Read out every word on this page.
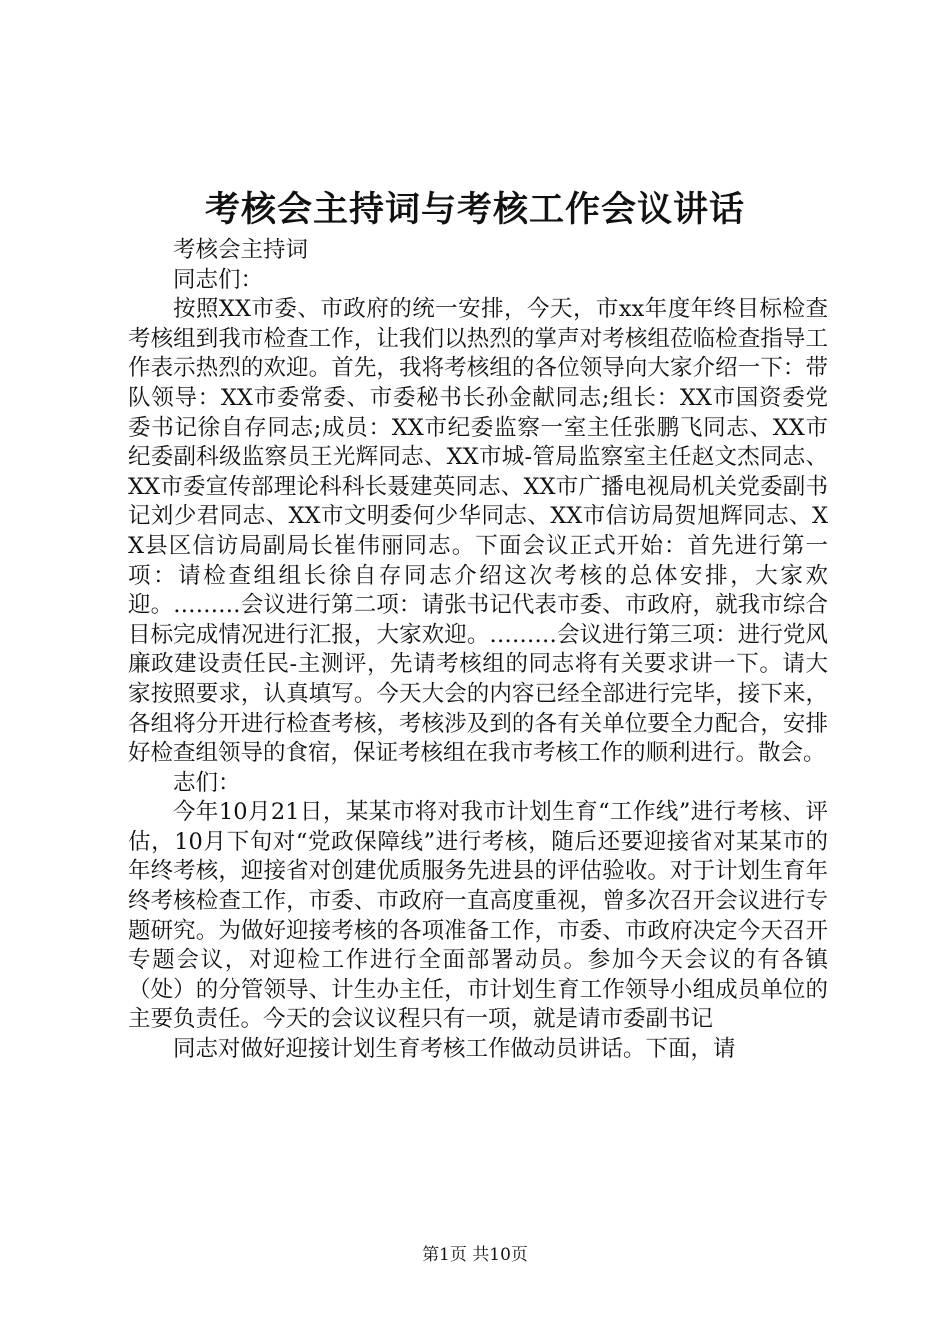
考核会主持词与考核工作会议讲话

考核会主持词

同志们：

按照XX市委、市政府的统一安排，今天，市xx年度年终目标检查考核组到我市检查工作，让我们以热烈的掌声对考核组莅临检查指导工作表示热烈的欢迎。首先，我将考核组的各位领导向大家介绍一下：带队领导：XX市委常委、市委秘书长孙金献同志;组长：XX市国资委党委书记徐自存同志;成员：XX市纪委监察一室主任张鹏飞同志、XX市纪委副科级监察员王光辉同志、XX市城-管局监察室主任赵文杰同志、XX市委宣传部理论科科长聂建英同志、XX市广播电视局机关党委副书记刘少君同志、XX市文明委何少华同志、XX市信访局贺旭辉同志、XX县区信访局副局长崔伟丽同志。下面会议正式开始：首先进行第一项：请检查组组长徐自存同志介绍这次考核的总体安排，大家欢迎。………会议进行第二项：请张书记代表市委、市政府，就我市综合目标完成情况进行汇报，大家欢迎。………会议进行第三项：进行党风廉政建设责任民-主测评，先请考核组的同志将有关要求讲一下。请大家按照要求，认真填写。今天大会的内容已经全部进行完毕，接下来，各组将分开进行检查考核，考核涉及到的各有关单位要全力配合，安排好检查组领导的食宿，保证考核组在我市考核工作的顺利进行。散会。

志们：

今年10月21日，某某市将对我市计划生育“工作线”进行考核、评估，10月下旬对“党政保障线”进行考核，随后还要迎接省对某某市的年终考核，迎接省对创建优质服务先进县的评估验收。对于计划生育年终考核检查工作，市委、市政府一直高度重视，曾多次召开会议进行专题研究。为做好迎接考核的各项准备工作，市委、市政府决定今天召开专题会议，对迎检工作进行全面部署动员。参加今天会议的有各镇（处）的分管领导、计生办主任，市计划生育工作领导小组成员单位的主要负责任。今天的会议议程只有一项，就是请市委副书记

同志对做好迎接计划生育考核工作做动员讲话。下面，请

第1页 共10页
